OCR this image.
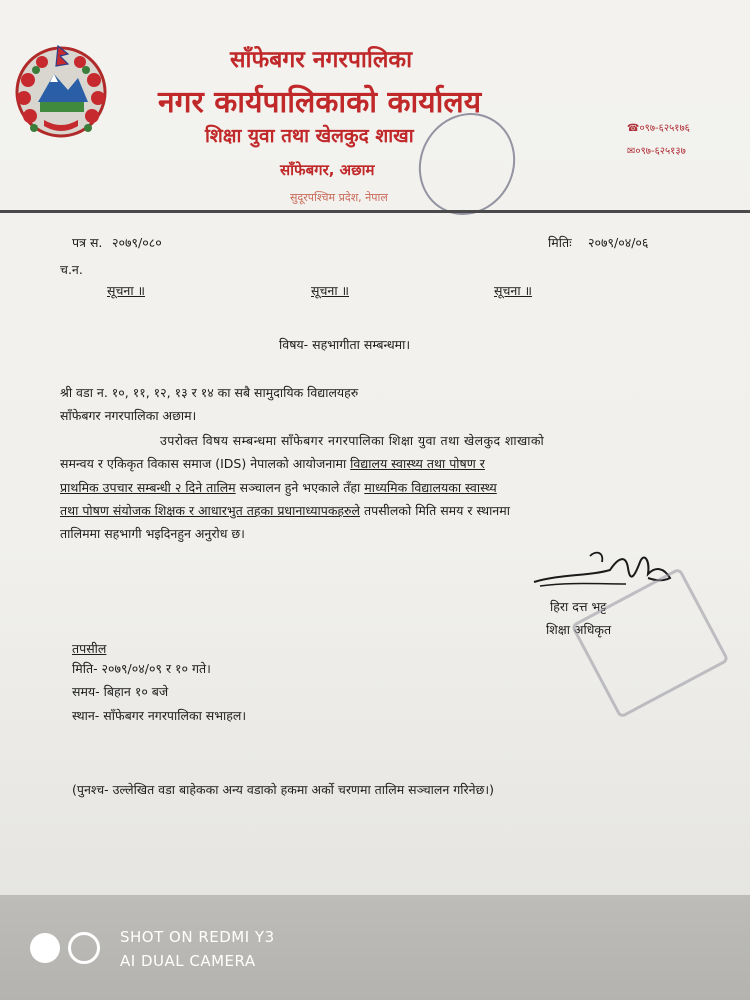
साँफेबगर नगरपालिका
नगर कार्यपालिकाको कार्यालय
शिक्षा युवा तथा खेलकुद शाखा
साँफेबगर, अछाम
सुदूरपश्चिम प्रदेश, नेपाल
☎०९७-६२५१७६
✉०९७-६२५१३७
पत्र स. २०७९/०८०	मितिः २०७९/०४/०६
च.न.
सूचना ॥	सूचना ॥	सूचना ॥
विषय- सहभागीता सम्बन्धमा।
श्री वडा न. १०, ११, १२, १३ र १४ का सबै सामुदायिक विद्यालयहरु
साँफेबगर नगरपालिका अछाम।
उपरोक्त विषय सम्बन्धमा साँफेबगर नगरपालिका शिक्षा युवा तथा खेलकुद शाखाको
समन्वय र एकिकृत विकास समाज (IDS) नेपालको आयोजनामा विद्यालय स्वास्थ्य तथा पोषण र
प्राथमिक उपचार सम्बन्धी २ दिने तालिम सञ्चालन हुने भएकाले तँहा माध्यमिक विद्यालयका स्वास्थ्य
तथा पोषण संयोजक शिक्षक र आधारभुत तहका प्रधानाध्यापकहरुले तपसीलको मिति समय र स्थानमा
तालिममा सहभागी भइदिनहुन अनुरोध छ।
हिरा दत्त भट्ट
शिक्षा अधिकृत
तपसील
मिति- २०७९/०४/०९ र १० गते।
समय- बिहान १० बजे
स्थान- साँफेबगर नगरपालिका सभाहल।
(पुनश्च- उल्लेखित वडा बाहेकका अन्य वडाको हकमा अर्को चरणमा तालिम सञ्चालन गरिनेछ।)
SHOT ON REDMI Y3
AI DUAL CAMERA
